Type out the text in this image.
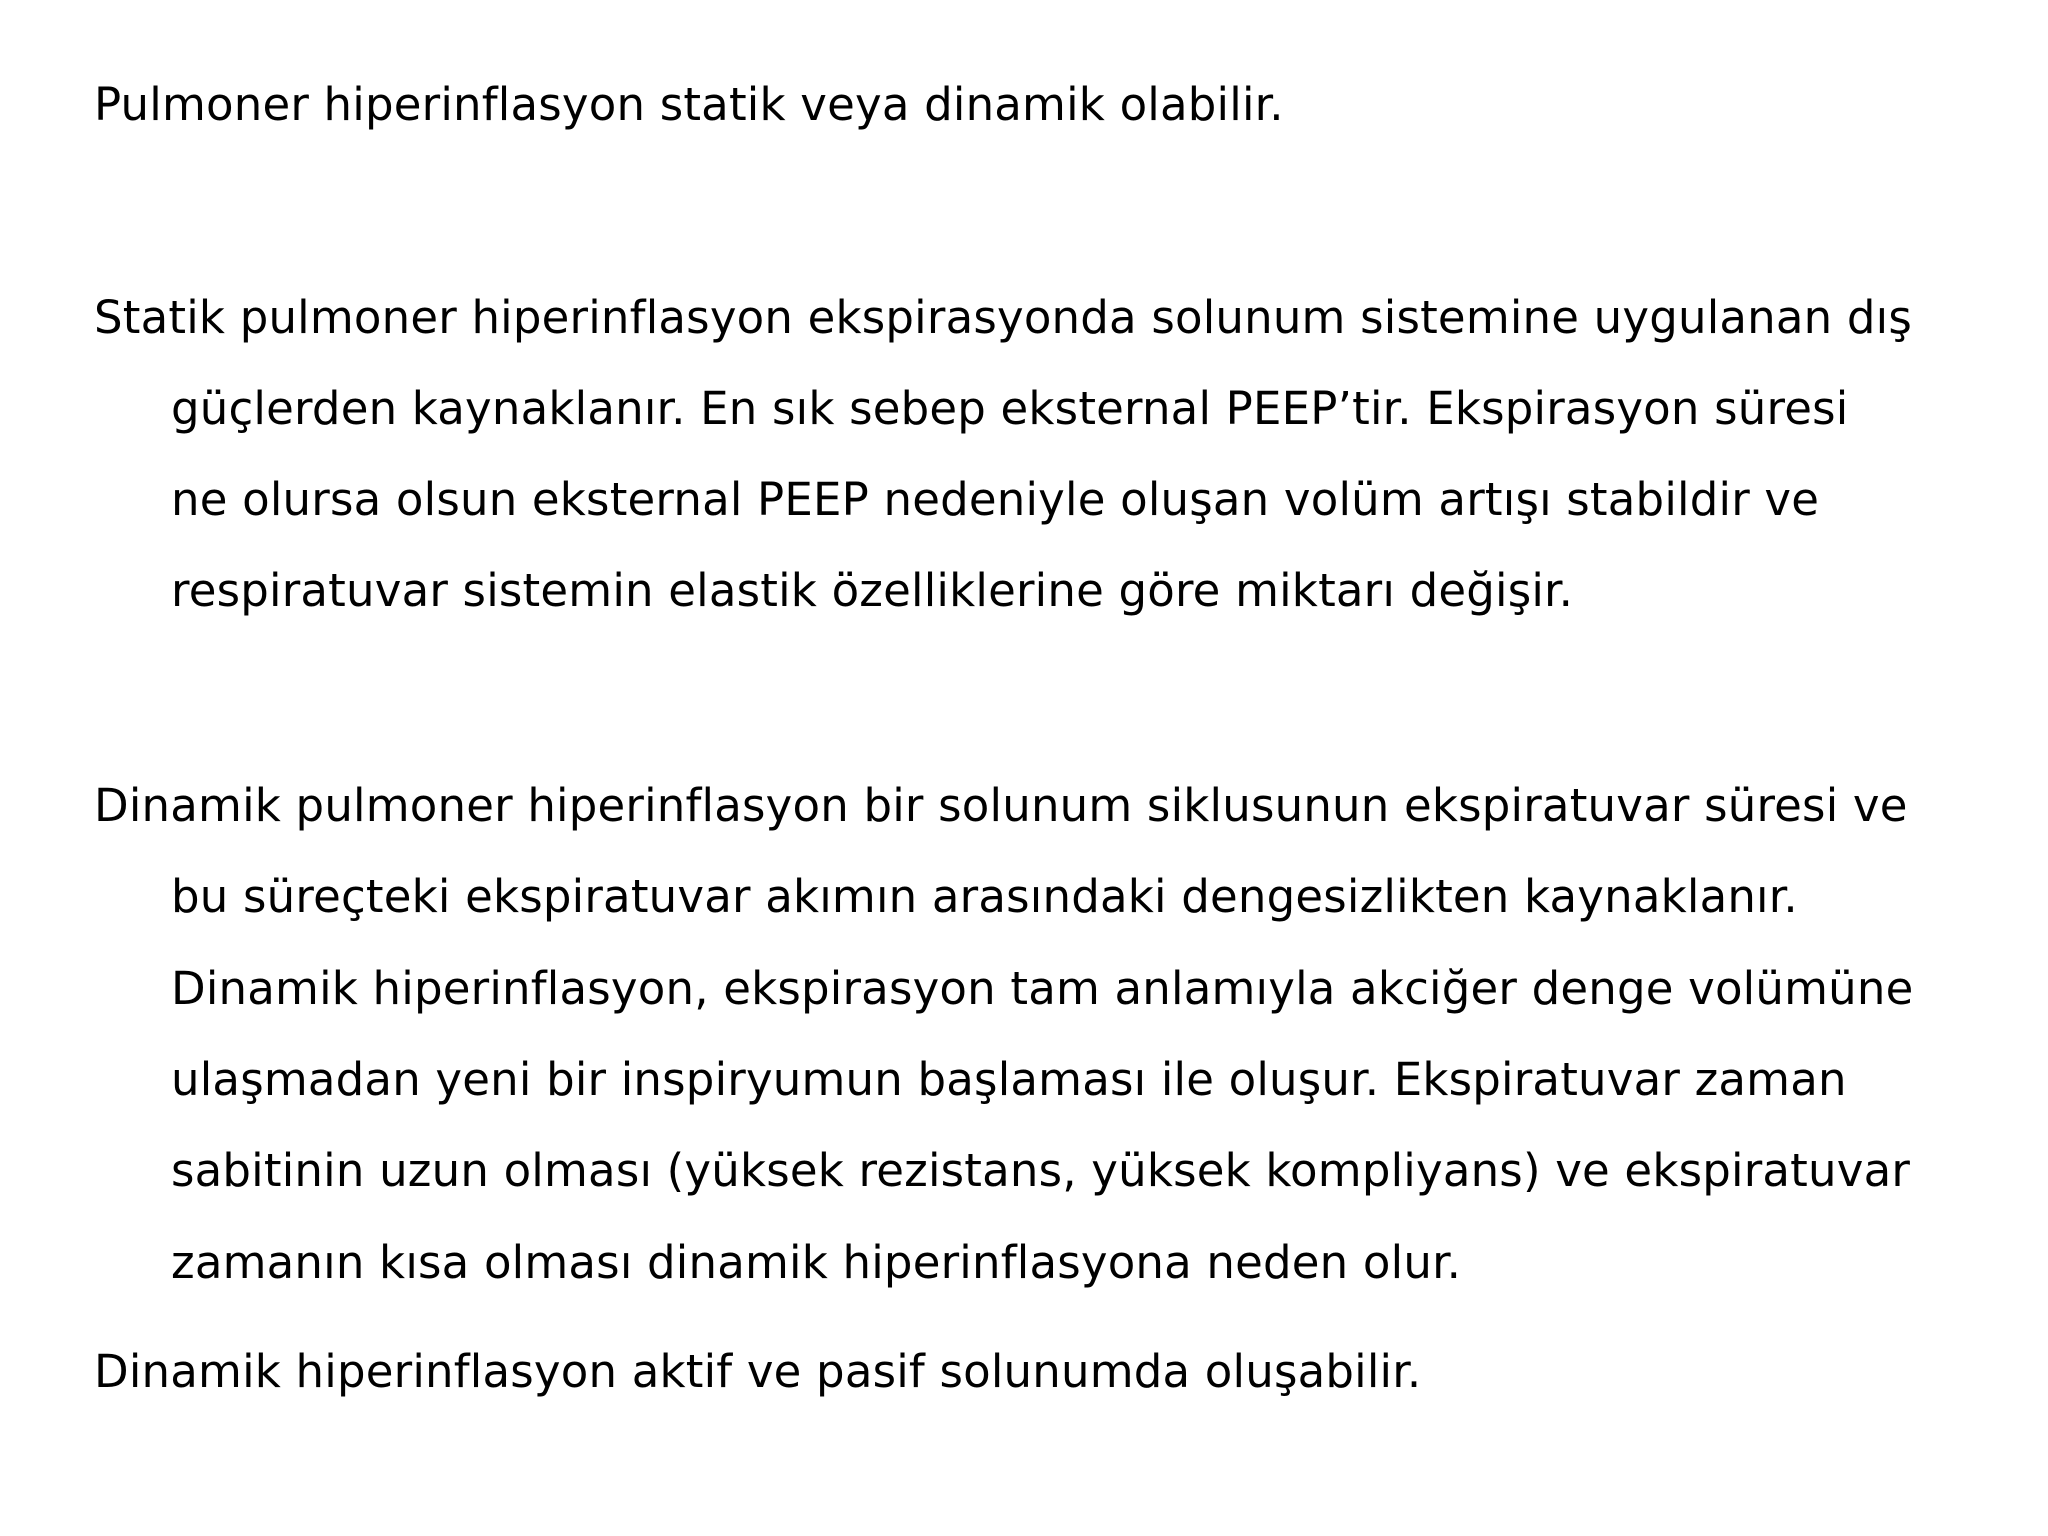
Pulmoner hiperinflasyon statik veya dinamik olabilir.

Statik pulmoner hiperinflasyon ekspirasyonda solunum sistemine uygulanan dış

güçlerden kaynaklanır. En sık sebep eksternal PEEP’tir. Ekspirasyon süresi

ne olursa olsun eksternal PEEP nedeniyle oluşan volüm artışı stabildir ve

respiratuvar sistemin elastik özelliklerine göre miktarı değişir.

Dinamik pulmoner hiperinflasyon bir solunum siklusunun ekspiratuvar süresi ve

bu süreçteki ekspiratuvar akımın arasındaki dengesizlikten kaynaklanır.

Dinamik hiperinflasyon, ekspirasyon tam anlamıyla akciğer denge volümüne

ulaşmadan yeni bir inspiryumun başlaması ile oluşur. Ekspiratuvar zaman

sabitinin uzun olması (yüksek rezistans, yüksek kompliyans) ve ekspiratuvar

zamanın kısa olması dinamik hiperinflasyona neden olur.

Dinamik hiperinflasyon aktif ve pasif solunumda oluşabilir.
